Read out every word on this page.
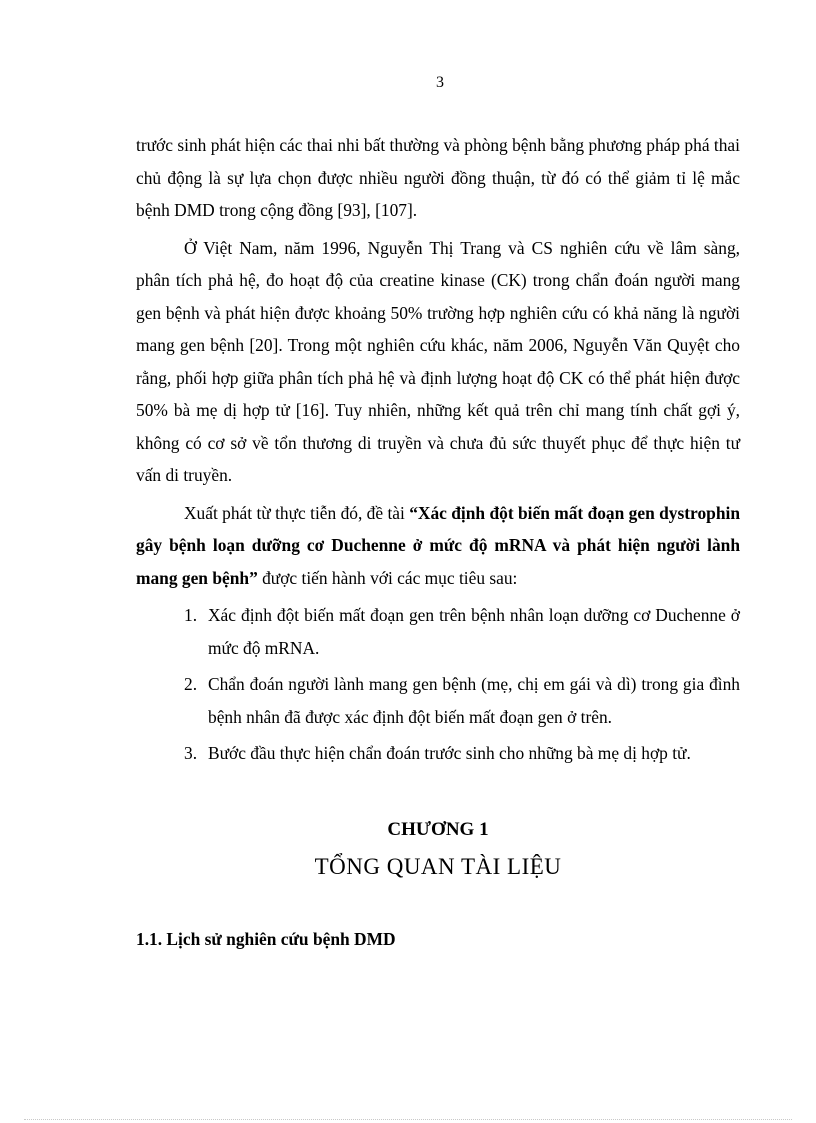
3

trước sinh phát hiện các thai nhi bất thường và phòng bệnh bằng phương pháp phá thai chủ động là sự lựa chọn được nhiều người đồng thuận, từ đó có thể giảm tỉ lệ mắc bệnh DMD trong cộng đồng [93], [107].

Ở Việt Nam, năm 1996, Nguyễn Thị Trang và CS nghiên cứu về lâm sàng, phân tích phả hệ, đo hoạt độ của creatine kinase (CK) trong chẩn đoán người mang gen bệnh và phát hiện được khoảng 50% trường hợp nghiên cứu có khả năng là người mang gen bệnh [20]. Trong một nghiên cứu khác, năm 2006, Nguyễn Văn Quyệt cho rằng, phối hợp giữa phân tích phả hệ và định lượng hoạt độ CK có thể phát hiện được 50% bà mẹ dị hợp tử [16]. Tuy nhiên, những kết quả trên chỉ mang tính chất gợi ý, không có cơ sở về tổn thương di truyền và chưa đủ sức thuyết phục để thực hiện tư vấn di truyền.

Xuất phát từ thực tiễn đó, đề tài “Xác định đột biến mất đoạn gen dystrophin gây bệnh loạn dưỡng cơ Duchenne ở mức độ mRNA và phát hiện người lành mang gen bệnh” được tiến hành với các mục tiêu sau:

1. Xác định đột biến mất đoạn gen trên bệnh nhân loạn dưỡng cơ Duchenne ở mức độ mRNA.
2. Chẩn đoán người lành mang gen bệnh (mẹ, chị em gái và dì) trong gia đình bệnh nhân đã được xác định đột biến mất đoạn gen ở trên.
3. Bước đầu thực hiện chẩn đoán trước sinh cho những bà mẹ dị hợp tử.
CHƯƠNG 1
TỔNG QUAN TÀI LIỆU
1.1. Lịch sử nghiên cứu bệnh DMD
